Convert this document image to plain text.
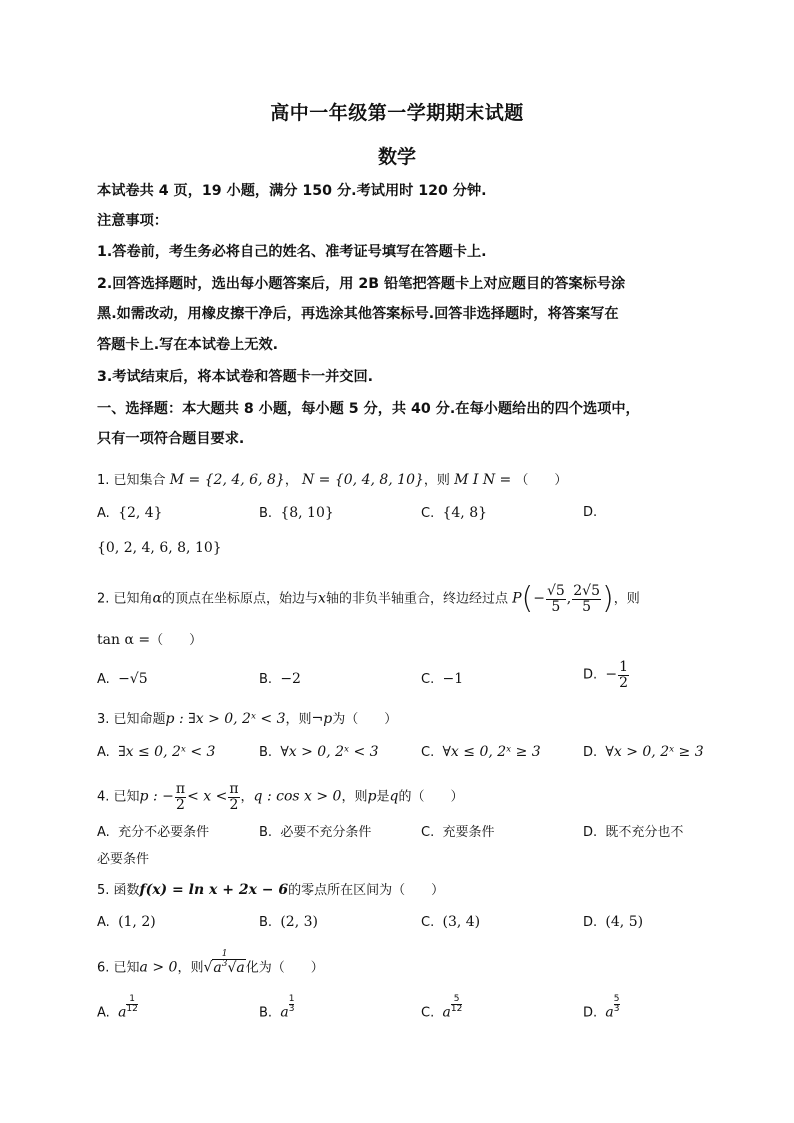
高中一年级第一学期期末试题
数学
本试卷共 4 页，19 小题，满分 150 分.考试用时 120 分钟.
注意事项：
1.答卷前，考生务必将自己的姓名、准考证号填写在答题卡上.
2.回答选择题时，选出每小题答案后，用 2B 铅笔把答题卡上对应题目的答案标号涂
黑.如需改动，用橡皮擦干净后，再选涂其他答案标号.回答非选择题时，将答案写在
答题卡上.写在本试卷上无效.
3.考试结束后，将本试卷和答题卡一并交回.
一、选择题：本大题共 8 小题，每小题 5 分，共 40 分.在每小题给出的四个选项中，
只有一项符合题目要求.
1. 已知集合 M = {2, 4, 6, 8}， N = {0, 4, 8, 10}，则 M Ι N = （　　）
A. {2, 4}	B. {8, 10}	C. {4, 8}	D.
{0, 2, 4, 6, 8, 10}
2. 已知角α的顶点在坐标原点，始边与x轴的非负半轴重合，终边经过点 $P(- \frac{√5}{5}$ , $\frac{2√5}{5}$ )，则
tan α =（　　）
A. −√5	B. −2	C. −1	D. − $\frac{1}{2}$
3. 已知命题p : ∃x > 0, 2ˣ < 3，则¬p为（　　）
A. ∃x ≤ 0, 2ˣ < 3	B. ∀x > 0, 2ˣ < 3	C. ∀x ≤ 0, 2ˣ ≥ 3	D. ∀x > 0, 2ˣ ≥ 3
4. 已知p : − $\frac{\pi}{2} < x < \frac{\pi}{2}$ ，q : cos x > 0，则p是q的（　　）
A. 充分不必要条件	B. 必要不充分条件	C. 充要条件	D. 既不充分也不
必要条件
5. 函数f(x) = ln x + 2x − 6的零点所在区间为（　　）
A. (1, 2)	B. (2, 3)	C. (3, 4)	D. (4, 5)
6. 已知a > 0，则$√a \frac{1}{3} √a$化为（　　）
A. a $\frac{1}{12}$	B. a $\frac{1}{3}$	C. a $\frac{5}{12}$	D. a $\frac{5}{3}$
